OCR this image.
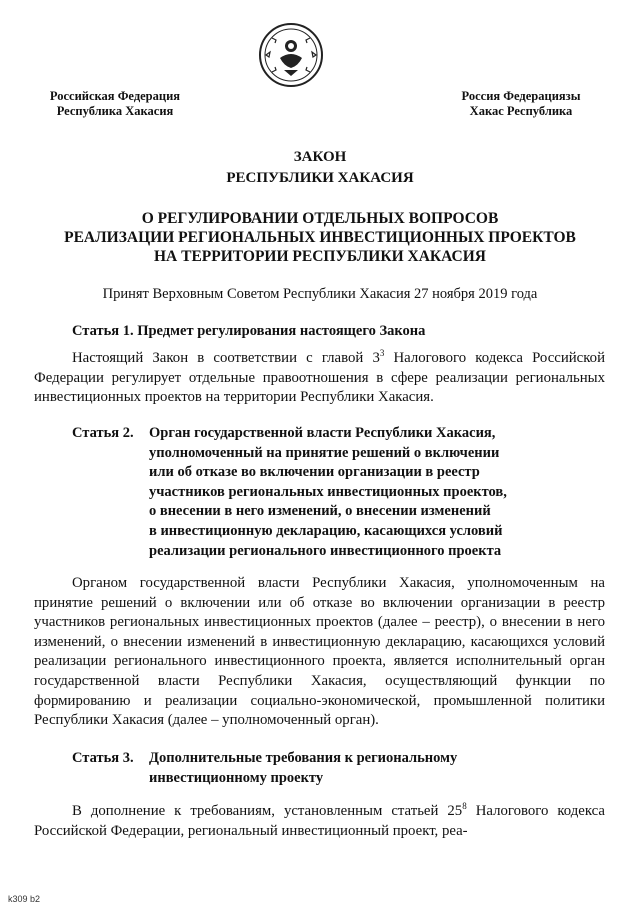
Российская Федерация
Республика Хакасия
Россия Федерациязы
Хакас Республика
ЗАКОН
РЕСПУБЛИКИ ХАКАСИЯ
О РЕГУЛИРОВАНИИ ОТДЕЛЬНЫХ ВОПРОСОВ
РЕАЛИЗАЦИИ РЕГИОНАЛЬНЫХ ИНВЕСТИЦИОННЫХ ПРОЕКТОВ
НА ТЕРРИТОРИИ РЕСПУБЛИКИ ХАКАСИЯ
Принят Верховным Советом Республики Хакасия 27 ноября 2019 года
Статья 1. Предмет регулирования настоящего Закона

Настоящий Закон в соответствии с главой $3^3$ Налогового кодекса Российской Федерации регулирует отдельные правоотношения в сфере реализации региональных инвестиционных проектов на территории Республики Хакасия.

Статья 2. Орган государственной власти Республики Хакасия,
уполномоченный на принятие решений о включении
или об отказе во включении организации в реестр
участников региональных инвестиционных проектов,
о внесении в него изменений, о внесении изменений
в инвестиционную декларацию, касающихся условий
реализации регионального инвестиционного проекта

Органом государственной власти Республики Хакасия, уполномоченным на принятие решений о включении или об отказе во включении организации в реестр участников региональных инвестиционных проектов (далее – реестр), о внесении в него изменений, о внесении изменений в инвестиционную декларацию, касающихся условий реализации регионального инвестиционного проекта, является исполнительный орган государственной власти Республики Хакасия, осуществляющий функции по формированию и реализации социально-экономической, промышленной политики Республики Хакасия (далее – уполномоченный орган).

Статья 3. Дополнительные требования к региональному
инвестиционному проекту

В дополнение к требованиям, установленным статьей $25^8$ Налогового кодекса Российской Федерации, региональный инвестиционный проект, реа-

k309 b2
